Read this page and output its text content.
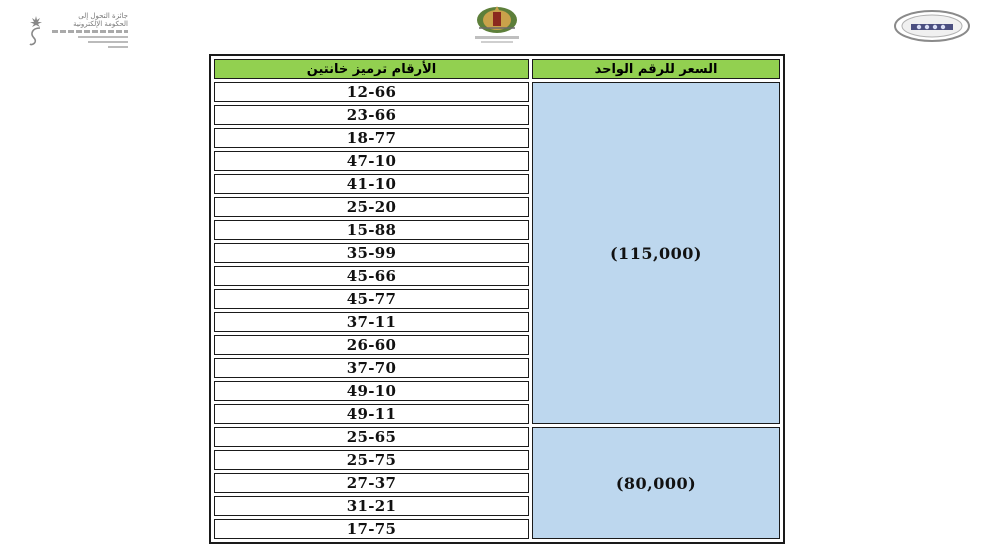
جائزة التحول إلى
الحكومة الإلكترونية
الأرقام ترميز خانتين	السعر للرقم الواحد
12-66	(115,000)
23-66	
18-77	
47-10	
41-10	
25-20	
15-88	
35-99	
45-66	
45-77	
37-11	
26-60	
37-70	
49-10	
49-11	
25-65	(80,000)
25-75	
27-37	
31-21	
17-75	
